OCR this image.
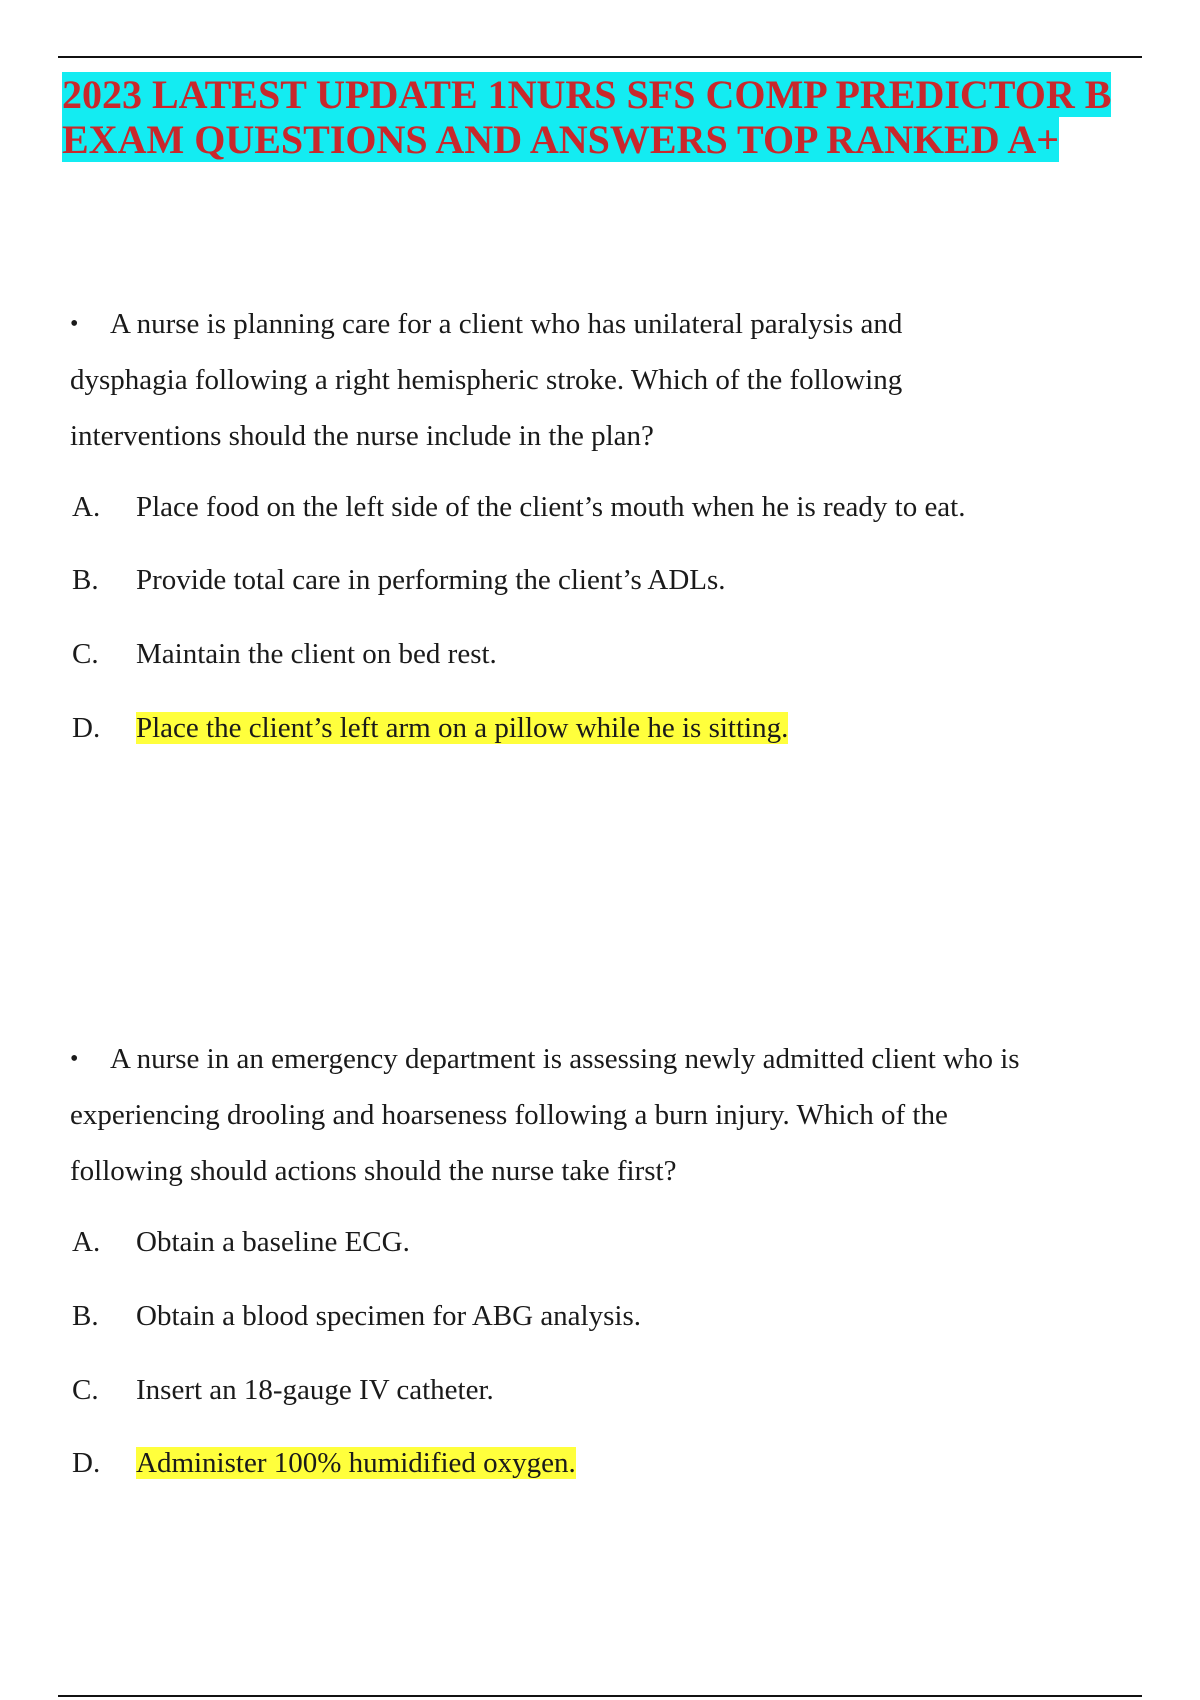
2023 LATEST UPDATE 1NURS SFS COMP PREDICTOR B
EXAM QUESTIONS AND ANSWERS TOP RANKED A+
• A nurse is planning care for a client who has unilateral paralysis and
dysphagia following a right hemispheric stroke. Which of the following
interventions should the nurse include in the plan?
A. Place food on the left side of the client’s mouth when he is ready to eat.
B. Provide total care in performing the client’s ADLs.
C. Maintain the client on bed rest.
D. Place the client’s left arm on a pillow while he is sitting.
• A nurse in an emergency department is assessing newly admitted client who is
experiencing drooling and hoarseness following a burn injury. Which of the
following should actions should the nurse take first?
A. Obtain a baseline ECG.
B. Obtain a blood specimen for ABG analysis.
C. Insert an 18-gauge IV catheter.
D. Administer 100% humidified oxygen.
